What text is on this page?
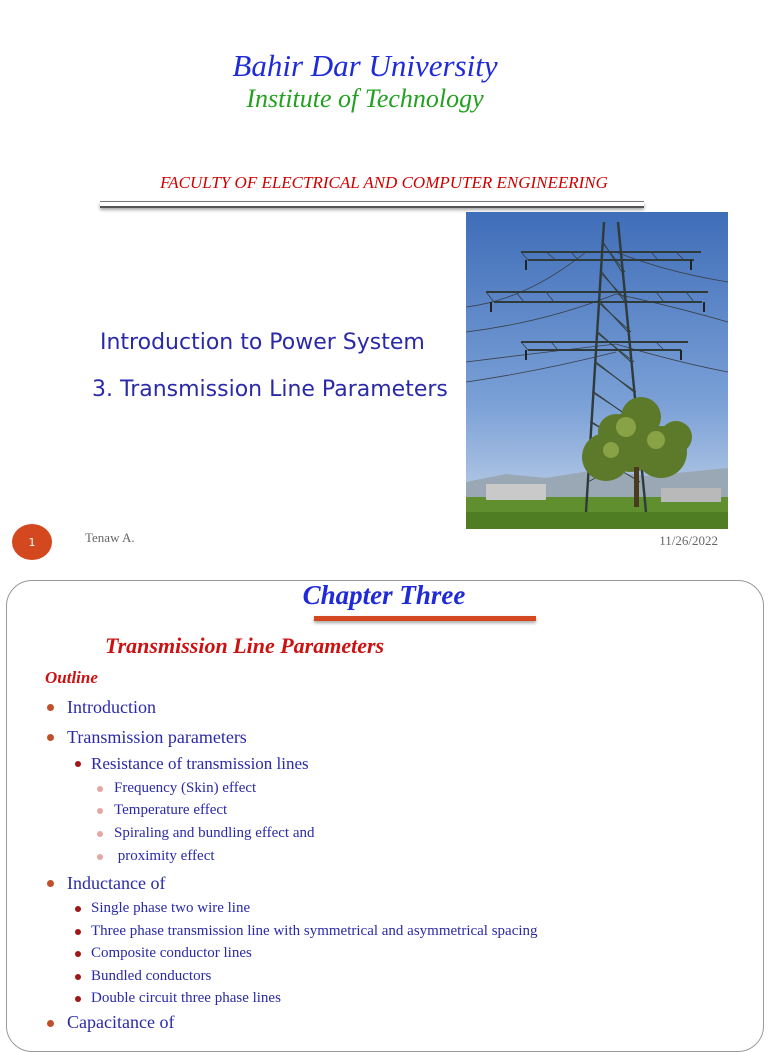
Bahir Dar University
Institute of Technology
FACULTY OF ELECTRICAL AND COMPUTER ENGINEERING
Introduction to Power System
3. Transmission Line Parameters
1	Tenaw A.	11/26/2022
Chapter Three
Transmission Line Parameters
Outline
Introduction
Transmission parameters
Resistance of transmission lines
Frequency (Skin) effect
Temperature effect
Spiraling and bundling effect and
proximity effect
Inductance of
Single phase two wire line
Three phase transmission line with symmetrical and asymmetrical spacing
Composite conductor lines
Bundled conductors
Double circuit three phase lines
Capacitance of
